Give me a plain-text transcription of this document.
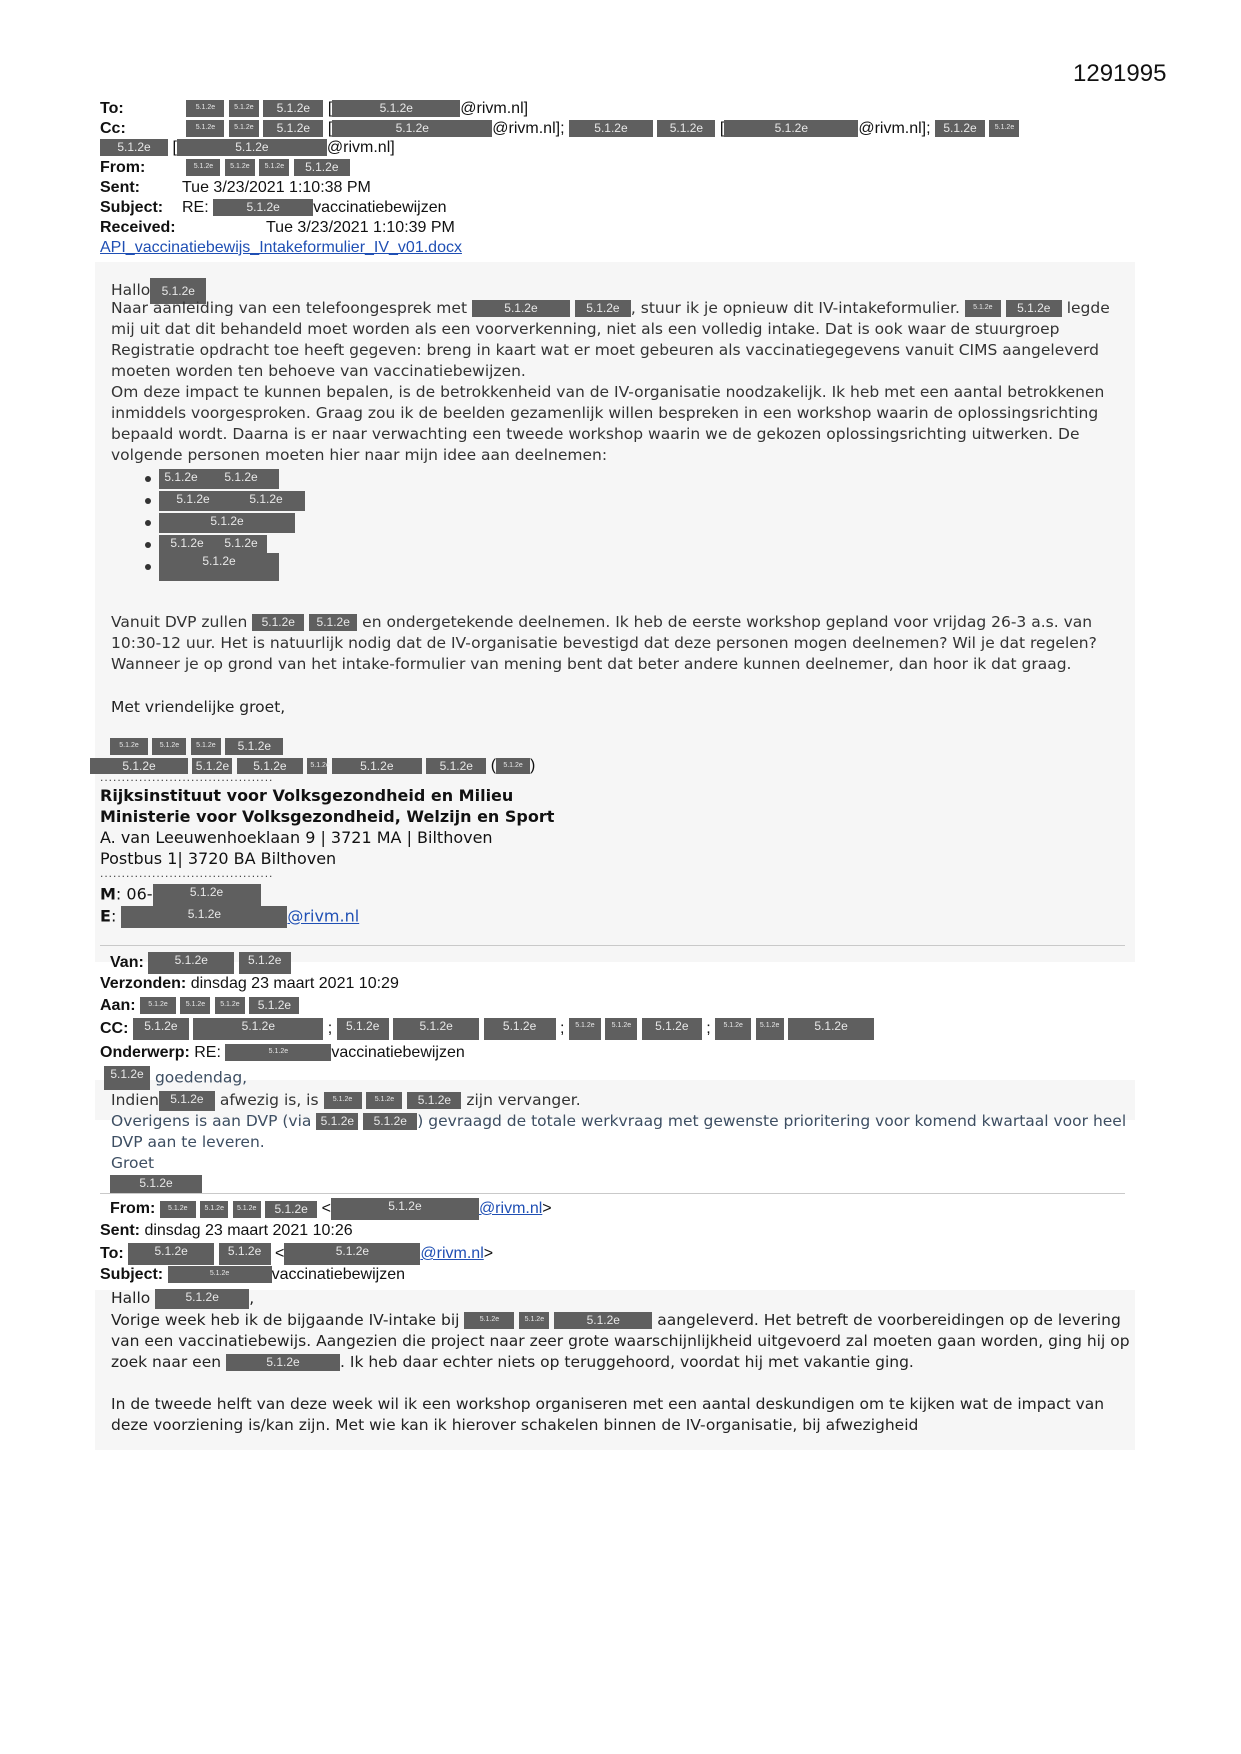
1291995
To:	5.1.2e	5.1.2e 5.1.2e [	5.1.2e	@rivm.nl]
Cc:	5.1.2e	5.1.2e 5.1.2e [	5.1.2e	@rivm.nl]; 5.1.2e	5.1.2e [	5.1.2e	@rivm.nl]; 5.1.2e	5.1.2e
5.1.2e [	5.1.2e	@rivm.nl]
From:	5.1.2e 5.1.2e 5.1.2e 5.1.2e
Sent:	Tue 3/23/2021 1:10:38 PM
Subject: RE:	5.1.2e vaccinatiebewijzen
Received:	Tue 3/23/2021 1:10:39 PM
API_vaccinatiebewijs_Intakeformulier_IV_v01.docx
Hallo 5.1.2e
Naar aanleiding van een telefoongesprek met	5.1.2e	5.1.2e , stuur ik je opnieuw dit IV-intakeformulier. 5.1.2e 5.1.2e legde mij uit dat dit behandeld moet worden als een voorverkenning, niet als een volledig intake. Dat is ook waar de stuurgroep Registratie opdracht toe heeft gegeven: breng in kaart wat er moet gebeuren als vaccinatiegegevens vanuit CIMS aangeleverd moeten worden ten behoeve van vaccinatiebewijzen.
Om deze impact te kunnen bepalen, is de betrokkenheid van de IV-organisatie noodzakelijk. Ik heb met een aantal betrokkenen inmiddels voorgesproken. Graag zou ik de beelden gezamenlijk willen bespreken in een workshop waarin de oplossingsrichting bepaald wordt. Daarna is er naar verwachting een tweede workshop waarin we de gekozen oplossingsrichting uitwerken. De volgende personen moeten hier naar mijn idee aan deelnemen:
5.1.2e	5.1.2e
5.1.2e	5.1.2e
5.1.2e
5.1.2e	5.1.2e
5.1.2e
Vanuit DVP zullen 5.1.2e 5.1.2e en ondergetekende deelnemen. Ik heb de eerste workshop gepland voor vrijdag 26-3 a.s. van 10:30-12 uur. Het is natuurlijk nodig dat de IV-organisatie bevestigd dat deze personen mogen deelnemen? Wil je dat regelen? Wanneer je op grond van het intake-formulier van mening bent dat beter andere kunnen deelnemer, dan hoor ik dat graag.
Met vriendelijke groet,
5.1.2e	5.1.2e 5.1.2e 5.1.2e
5.1.2e	5.1.2e 5.1.2e	5.1.2e	5.1.2e	5.1.2e ( 5.1.2e )
........................................
Rijksinstituut voor Volksgezondheid en Milieu
Ministerie voor Volksgezondheid, Welzijn en Sport
A. van Leeuwenhoeklaan 9 | 3721 MA | Bilthoven
Postbus 1| 3720 BA Bilthoven
........................................
M: 06-	5.1.2e
E:	5.1.2e	@rivm.nl
Van:	5.1.2e	5.1.2e
Verzonden: dinsdag 23 maart 2021 10:29
Aan: 5.1.2e	5.1.2e 5.1.2e 5.1.2e
CC: 5.1.2e	5.1.2e	; 5.1.2e	5.1.2e	5.1.2e ; 5.1.2e 5.1.2e 5.1.2e ; 5.1.2e 5.1.2e	5.1.2e
Onderwerp: RE:	5.1.2e	vaccinatiebewijzen
5.1.2e goedendag,
Indien 5.1.2e afwezig is, is 5.1.2e	5.1.2e 5.1.2e zijn vervanger.
Overigens is aan DVP (via 5.1.2e 5.1.2e ) gevraagd de totale werkvraag met gewenste prioritering voor komend kwartaal voor heel DVP aan te leveren.
Groet
5.1.2e
From: 5.1.2e 5.1.2e 5.1.2e 5.1.2e <	5.1.2e	@rivm.nl>
Sent: dinsdag 23 maart 2021 10:26
To:	5.1.2e	5.1.2e <	5.1.2e	@rivm.nl>
Subject:	5.1.2e	vaccinatiebewijzen
Hallo	5.1.2e ,
Vorige week heb ik de bijgaande IV-intake bij	5.1.2e	5.1.2e	5.1.2e aangeleverd. Het betreft de voorbereidingen op de levering van een vaccinatiebewijs. Aangezien die project naar zeer grote waarschijnlijkheid uitgevoerd zal moeten gaan worden, ging hij op zoek naar een	5.1.2e	. Ik heb daar echter niets op teruggehoord, voordat hij met vakantie ging.
In de tweede helft van deze week wil ik een workshop organiseren met een aantal deskundigen om te kijken wat de impact van deze voorziening is/kan zijn. Met wie kan ik hierover schakelen binnen de IV-organisatie, bij afwezigheid
